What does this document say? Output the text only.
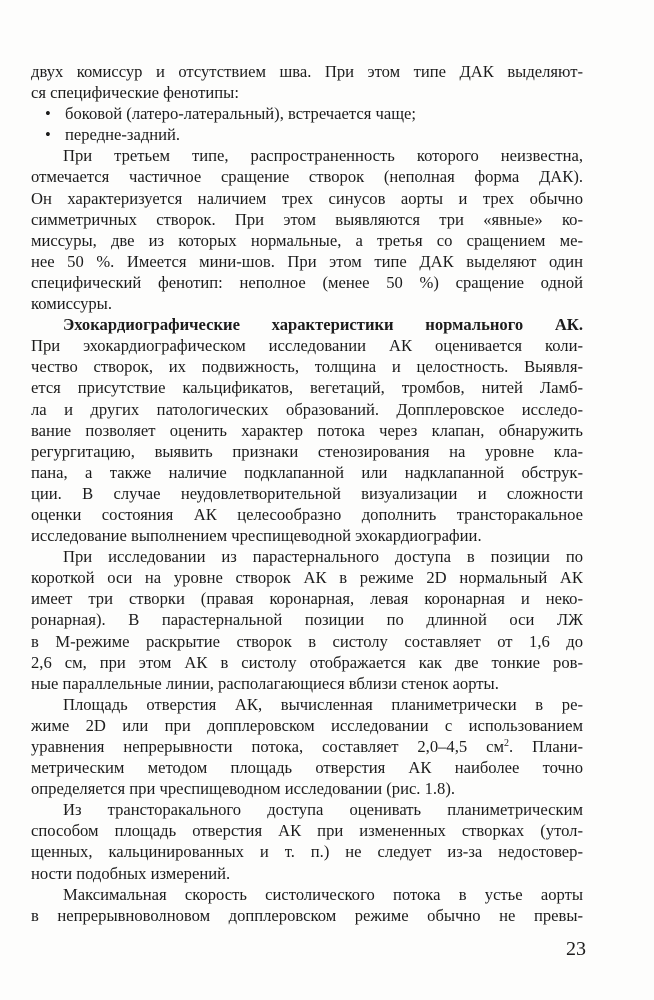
двух комиссур и отсутствием шва. При этом типе ДАК выделяют-
ся специфические фенотипы:
• боковой (латеро-латеральный), встречается чаще;
• передне-задний.
При третьем типе, распространенность которого неизвестна,
отмечается частичное сращение створок (неполная форма ДАК).
Он характеризуется наличием трех синусов аорты и трех обычно
симметричных створок. При этом выявляются три «явные» ко-
миссуры, две из которых нормальные, а третья со сращением ме-
нее 50 %. Имеется мини-шов. При этом типе ДАК выделяют один
специфический фенотип: неполное (менее 50 %) сращение одной
комиссуры.
Эхокардиографические характеристики нормального АК.
При эхокардиографическом исследовании АК оценивается коли-
чество створок, их подвижность, толщина и целостность. Выявля-
ется присутствие кальцификатов, вегетаций, тромбов, нитей Ламб-
ла и других патологических образований. Допплеровское исследо-
вание позволяет оценить характер потока через клапан, обнаружить
регургитацию, выявить признаки стенозирования на уровне кла-
пана, а также наличие подклапанной или надклапанной обструк-
ции. В случае неудовлетворительной визуализации и сложности
оценки состояния АК целесообразно дополнить трансторакальное
исследование выполнением чреспищеводной эхокардиографии.
При исследовании из парастернального доступа в позиции по
короткой оси на уровне створок АК в режиме 2D нормальный АК
имеет три створки (правая коронарная, левая коронарная и неко-
ронарная). В парастернальной позиции по длинной оси ЛЖ
в М-режиме раскрытие створок в систолу составляет от 1,6 до
2,6 см, при этом АК в систолу отображается как две тонкие ров-
ные параллельные линии, располагающиеся вблизи стенок аорты.
Площадь отверстия АК, вычисленная планиметрически в ре-
жиме 2D или при допплеровском исследовании с использованием
уравнения непрерывности потока, составляет 2,0–4,5 $см^2$. Плани-
метрическим методом площадь отверстия АК наиболее точно
определяется при чреспищеводном исследовании (рис. 1.8).
Из трансторакального доступа оценивать планиметрическим
способом площадь отверстия АК при измененных створках (утол-
щенных, кальцинированных и т. п.) не следует из-за недостовер-
ности подобных измерений.
Максимальная скорость систолического потока в устье аорты
в непрерывноволновом допплеровском режиме обычно не превы-
23
